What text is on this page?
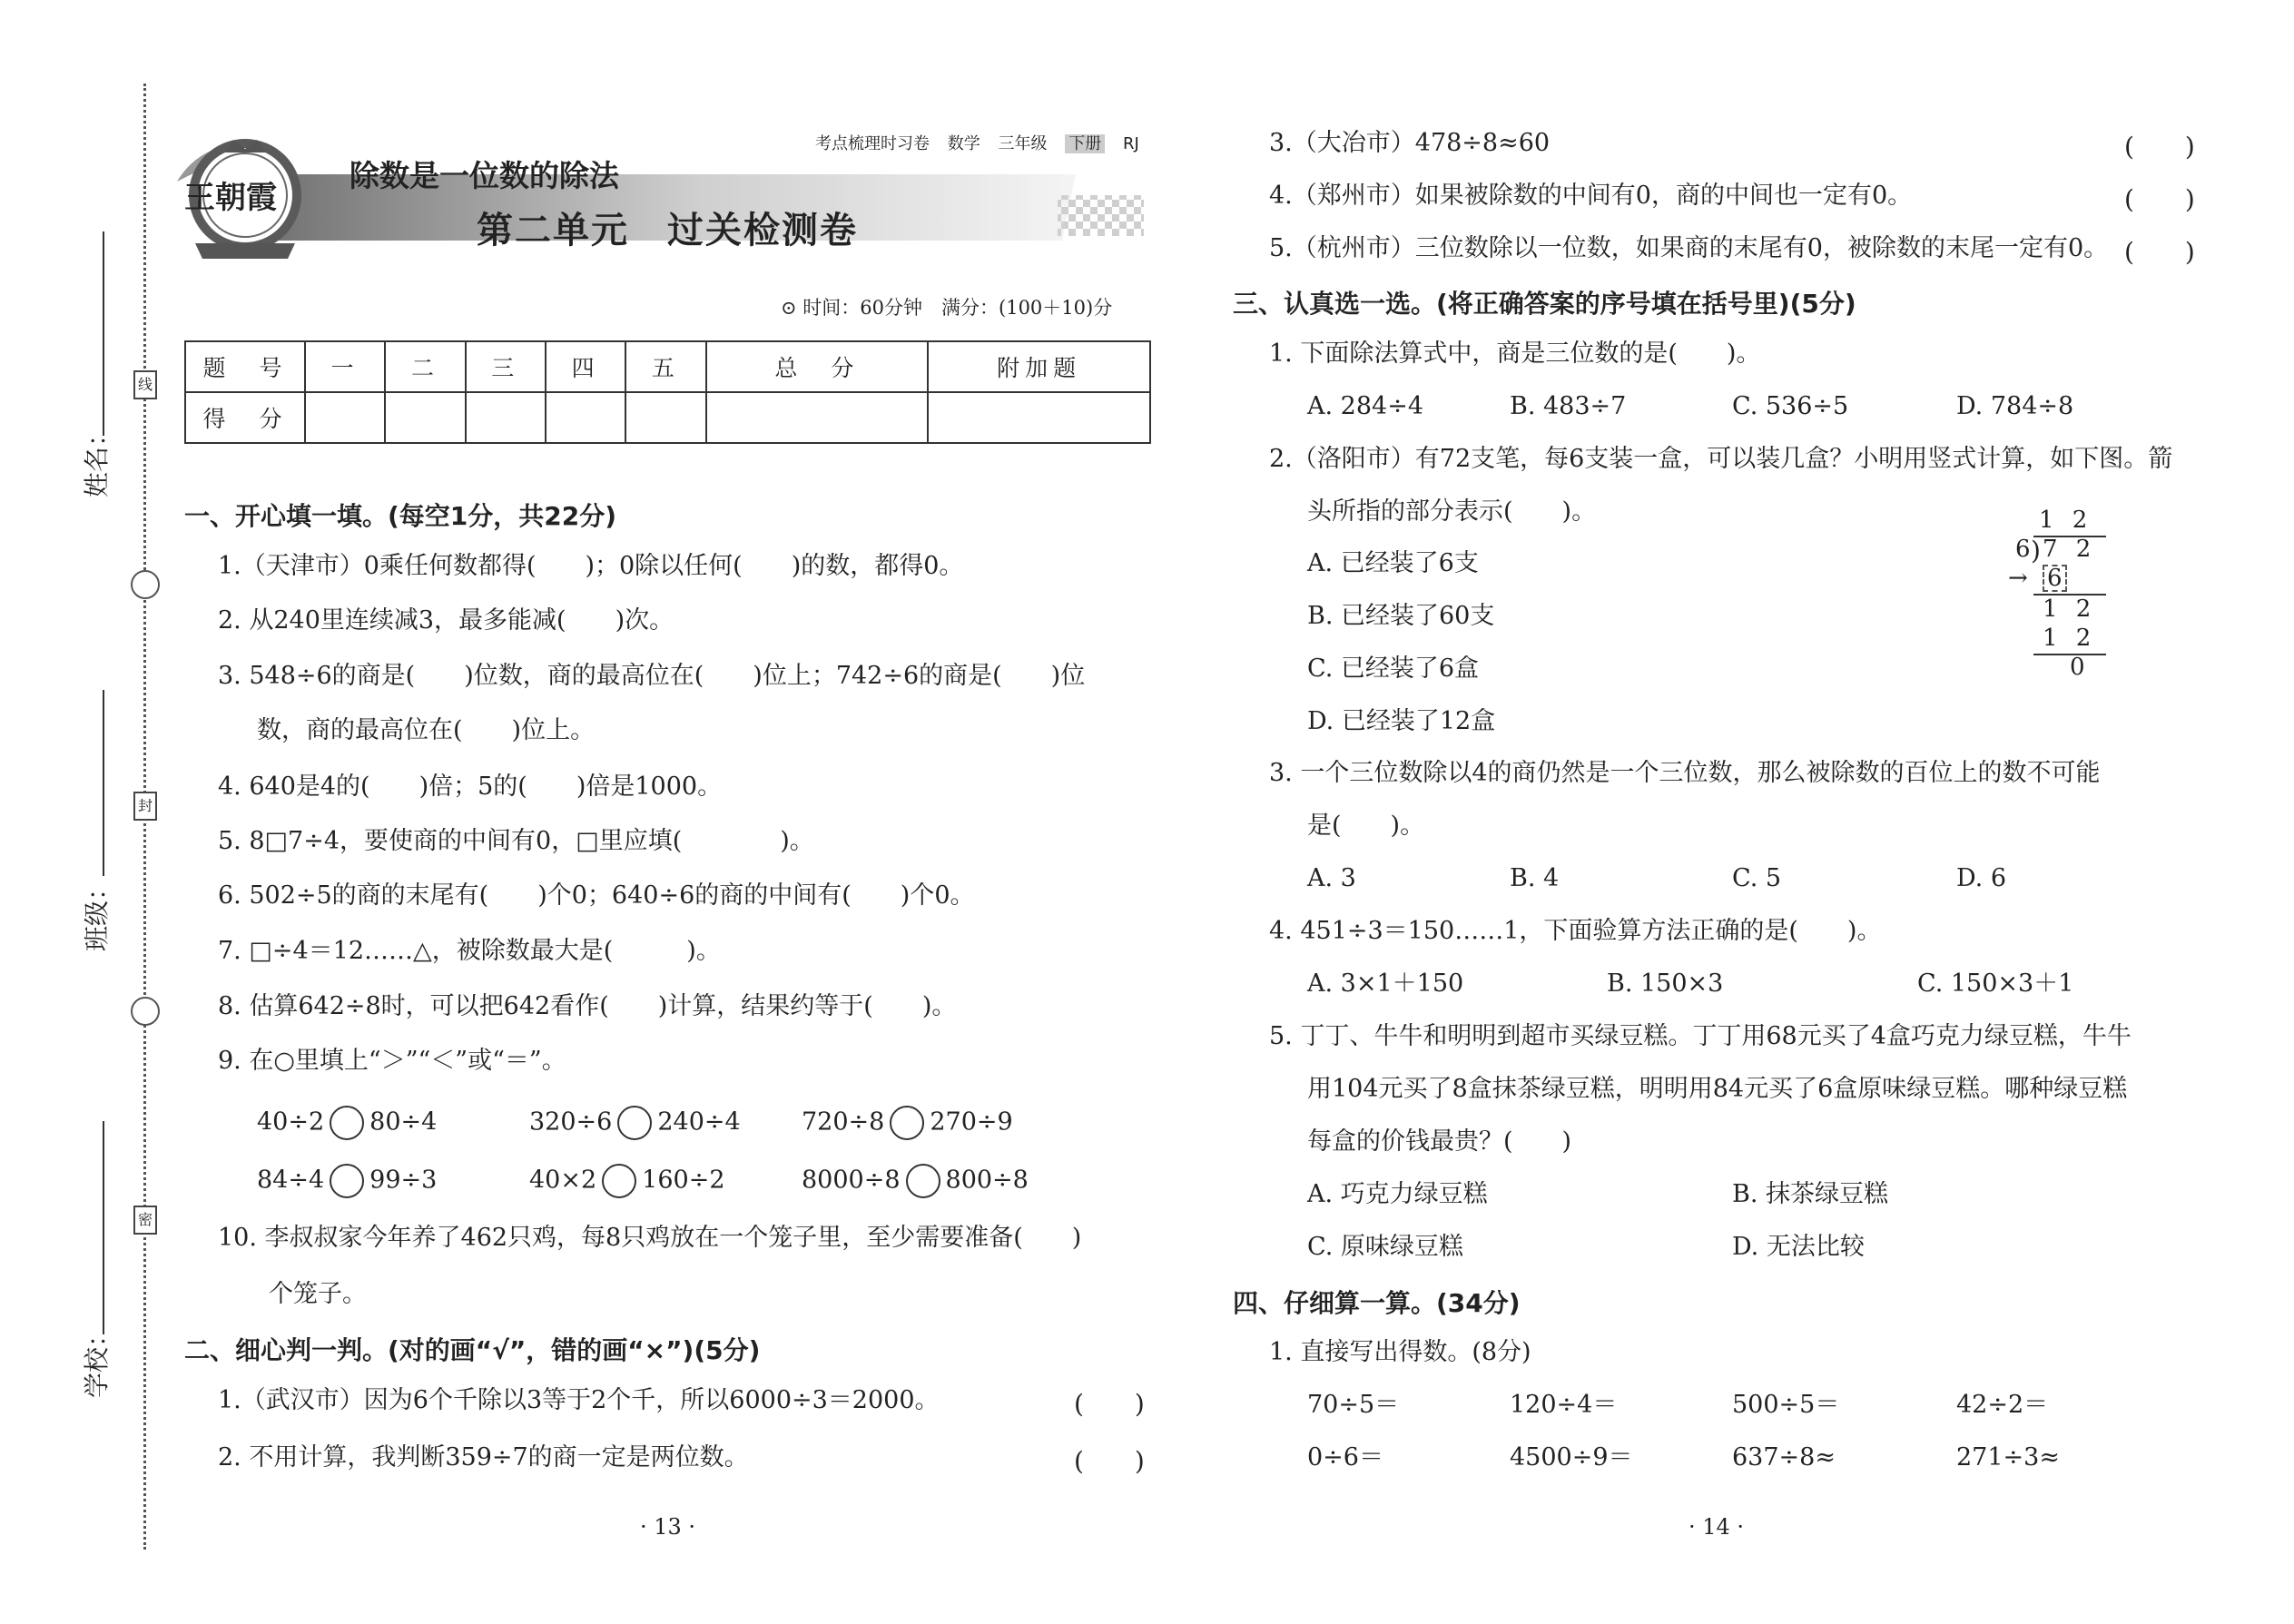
线
封
密
姓名：
班级：
学校：
王朝霞
除数是一位数的除法
第二单元　过关检测卷
考点梳理时习卷 数学 三年级 下册 RJ
⊙ 时间：60分钟　满分：(100＋10)分
题　号	一	二	三	四	五	总　分	附加题
得　分							
一、开心填一填。(每空1分，共22分)
1.（天津市）0乘任何数都得(　　)；0除以任何(　　)的数，都得0。
2. 从240里连续减3，最多能减(　　)次。
3. 548÷6的商是(　　)位数，商的最高位在(　　)位上；742÷6的商是(　　)位
数，商的最高位在(　　)位上。
4. 640是4的(　　)倍；5的(　　)倍是1000。
5. 8□7÷4，要使商的中间有0，□里应填(　　　　)。
6. 502÷5的商的末尾有(　　)个0；640÷6的商的中间有(　　)个0。
7. □÷4＝12……△，被除数最大是(　　　)。
8. 估算642÷8时，可以把642看作(　　)计算，结果约等于(　　)。
9. 在○里填上“＞”“＜”或“＝”。
40÷2 80÷4	320÷6 240÷4 720÷8 270÷9
84÷4 99÷3	40×2 160÷2	8000÷8 800÷8
10. 李叔叔家今年养了462只鸡，每8只鸡放在一个笼子里，至少需要准备(　　)
个笼子。
二、细心判一判。(对的画“√”，错的画“×”)(5分)
1.（武汉市）因为6个千除以3等于2个千，所以6000÷3＝2000。	(　　)
2. 不用计算，我判断359÷7的商一定是两位数。	(　　)
· 13 ·
3.（大冶市）478÷8≈60	(　　)
4.（郑州市）如果被除数的中间有0，商的中间也一定有0。	(　　)
5.（杭州市）三位数除以一位数，如果商的末尾有0，被除数的末尾一定有0。 (　　)
三、认真选一选。(将正确答案的序号填在括号里)(5分)
1. 下面除法算式中，商是三位数的是(　　)。
A. 284÷4	B. 483÷7	C. 536÷5	D. 784÷8
2.（洛阳市）有72支笔，每6支装一盒，可以装几盒？小明用竖式计算，如下图。箭
头所指的部分表示(　　)。
A. 已经装了6支
B. 已经装了60支
C. 已经装了6盒
D. 已经装了12盒
1 2
6 ) 7 2
→ 6
1 2
1 2
0
3. 一个三位数除以4的商仍然是一个三位数，那么被除数的百位上的数不可能
是(　　)。
A. 3	B. 4	C. 5	D. 6
4. 451÷3＝150……1，下面验算方法正确的是(　　)。
A. 3×1＋150	B. 150×3	C. 150×3＋1
5. 丁丁、牛牛和明明到超市买绿豆糕。丁丁用68元买了4盒巧克力绿豆糕，牛牛
用104元买了8盒抹茶绿豆糕，明明用84元买了6盒原味绿豆糕。哪种绿豆糕
每盒的价钱最贵？(　　)
A. 巧克力绿豆糕	B. 抹茶绿豆糕
C. 原味绿豆糕	D. 无法比较
四、仔细算一算。(34分)
1. 直接写出得数。(8分)
70÷5＝	120÷4＝	500÷5＝	42÷2＝
0÷6＝	4500÷9＝	637÷8≈	271÷3≈
· 14 ·
